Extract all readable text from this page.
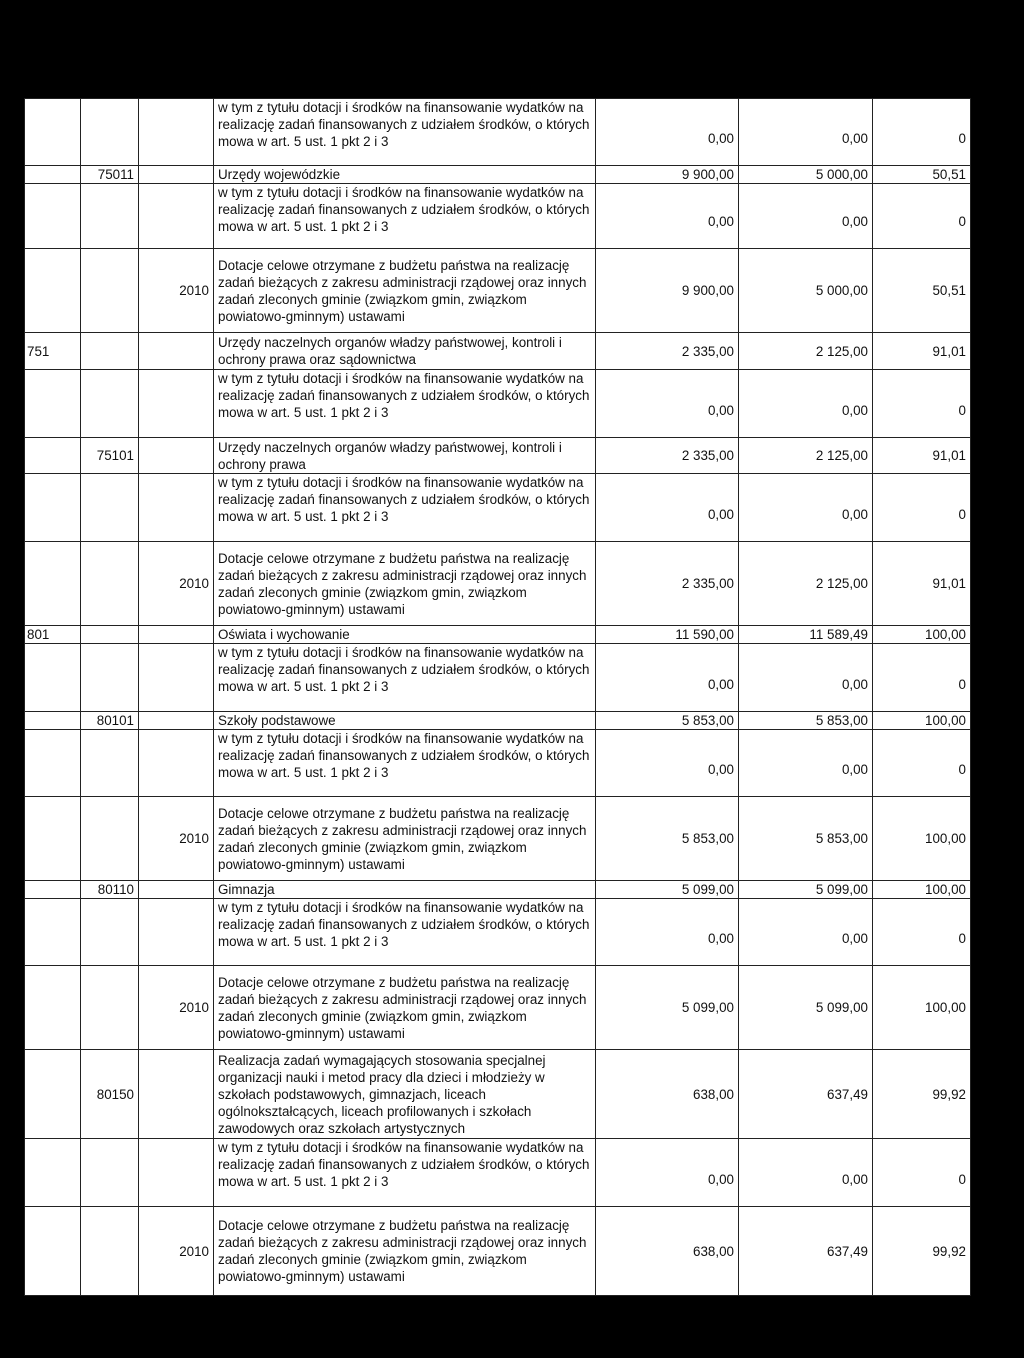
			w tym z tytułu dotacji i środków na finansowanie wydatków na realizację zadań finansowanych z udziałem środków, o których mowa w art. 5 ust. 1 pkt 2 i 3	0,00	0,00	0
	75011		Urzędy wojewódzkie	9 900,00	5 000,00	50,51
			w tym z tytułu dotacji i środków na finansowanie wydatków na realizację zadań finansowanych z udziałem środków, o których mowa w art. 5 ust. 1 pkt 2 i 3	0,00	0,00	0
		2010	Dotacje celowe otrzymane z budżetu państwa na realizację zadań bieżących z zakresu administracji rządowej oraz innych zadań zleconych gminie (związkom gmin, związkom powiatowo-gminnym) ustawami	9 900,00	5 000,00	50,51
751			Urzędy naczelnych organów władzy państwowej, kontroli i ochrony prawa oraz sądownictwa	2 335,00	2 125,00	91,01
			w tym z tytułu dotacji i środków na finansowanie wydatków na realizację zadań finansowanych z udziałem środków, o których mowa w art. 5 ust. 1 pkt 2 i 3	0,00	0,00	0
	75101		Urzędy naczelnych organów władzy państwowej, kontroli i ochrony prawa	2 335,00	2 125,00	91,01
			w tym z tytułu dotacji i środków na finansowanie wydatków na realizację zadań finansowanych z udziałem środków, o których mowa w art. 5 ust. 1 pkt 2 i 3	0,00	0,00	0
		2010	Dotacje celowe otrzymane z budżetu państwa na realizację zadań bieżących z zakresu administracji rządowej oraz innych zadań zleconych gminie (związkom gmin, związkom powiatowo-gminnym) ustawami	2 335,00	2 125,00	91,01
801			Oświata i wychowanie	11 590,00	11 589,49	100,00
			w tym z tytułu dotacji i środków na finansowanie wydatków na realizację zadań finansowanych z udziałem środków, o których mowa w art. 5 ust. 1 pkt 2 i 3	0,00	0,00	0
	80101		Szkoły podstawowe	5 853,00	5 853,00	100,00
			w tym z tytułu dotacji i środków na finansowanie wydatków na realizację zadań finansowanych z udziałem środków, o których mowa w art. 5 ust. 1 pkt 2 i 3	0,00	0,00	0
		2010	Dotacje celowe otrzymane z budżetu państwa na realizację zadań bieżących z zakresu administracji rządowej oraz innych zadań zleconych gminie (związkom gmin, związkom powiatowo-gminnym) ustawami	5 853,00	5 853,00	100,00
	80110		Gimnazja	5 099,00	5 099,00	100,00
			w tym z tytułu dotacji i środków na finansowanie wydatków na realizację zadań finansowanych z udziałem środków, o których mowa w art. 5 ust. 1 pkt 2 i 3	0,00	0,00	0
		2010	Dotacje celowe otrzymane z budżetu państwa na realizację zadań bieżących z zakresu administracji rządowej oraz innych zadań zleconych gminie (związkom gmin, związkom powiatowo-gminnym) ustawami	5 099,00	5 099,00	100,00
	80150		Realizacja zadań wymagających stosowania specjalnej organizacji nauki i metod pracy dla dzieci i młodzieży w szkołach podstawowych, gimnazjach, liceach ogólnokształcących, liceach profilowanych i szkołach zawodowych oraz szkołach artystycznych	638,00	637,49	99,92
			w tym z tytułu dotacji i środków na finansowanie wydatków na realizację zadań finansowanych z udziałem środków, o których mowa w art. 5 ust. 1 pkt 2 i 3	0,00	0,00	0
		2010	Dotacje celowe otrzymane z budżetu państwa na realizację zadań bieżących z zakresu administracji rządowej oraz innych zadań zleconych gminie (związkom gmin, związkom powiatowo-gminnym) ustawami	638,00	637,49	99,92
